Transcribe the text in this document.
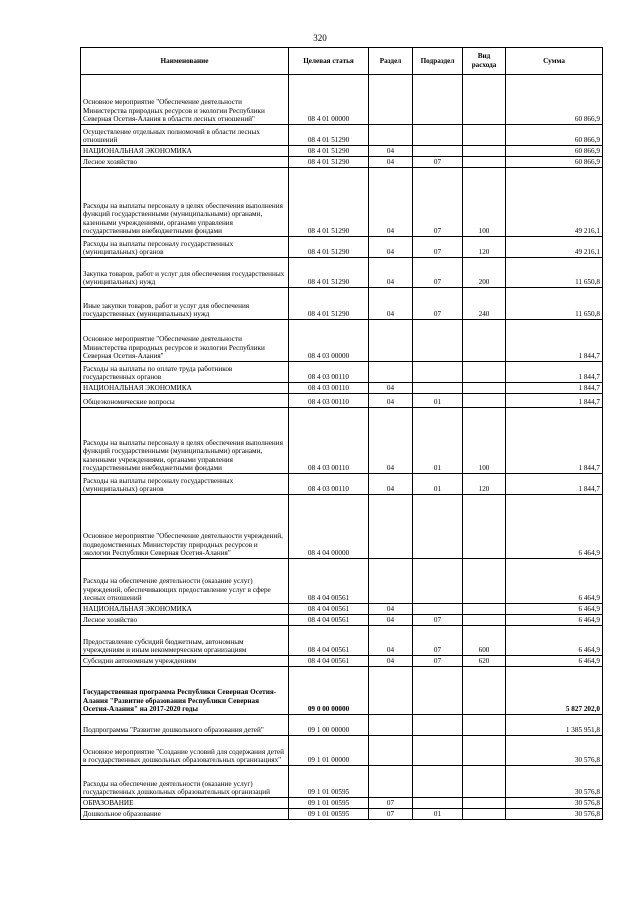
320
Наименование	Целевая статья	Раздел	Подраздел	Вид расхода	Сумма
Основное мероприятие "Обеспечение деятельности Министерства природных ресурсов и экологии Республики Северная Осетия-Алания в области лесных отношений"	08 4 01 00000				60 866,9
Осуществление отдельных полномочий в области лесных отношений	08 4 01 51290				60 866,9
НАЦИОНАЛЬНАЯ ЭКОНОМИКА	08 4 01 51290	04			60 866,9
Лесное хозяйство	08 4 01 51290	04	07		60 866,9
Расходы на выплаты персоналу в целях обеспечения выполнения функций государственными (муниципальными) органами, казенными учреждениями, органами управления государственными внебюджетными фондами	08 4 01 51290	04	07	100	49 216,1
Расходы на выплаты персоналу государственных (муниципальных) органов	08 4 01 51290	04	07	120	49 216,1
Закупка товаров, работ и услуг для обеспечения государственных (муниципальных) нужд	08 4 01 51290	04	07	200	11 650,8
Иные закупки товаров, работ и услуг для обеспечения государственных (муниципальных) нужд	08 4 01 51290	04	07	240	11 650,8
Основное мероприятие "Обеспечение деятельности Министерства природных ресурсов и экологии Республики Северная Осетия-Алания"	08 4 03 00000				1 844,7
Расходы на выплаты по оплате труда работников государственных органов	08 4 03 00110				1 844,7
НАЦИОНАЛЬНАЯ ЭКОНОМИКА	08 4 03 00110	04			1 844,7
Общеэкономические вопросы	08 4 03 00110	04	01		1 844,7
Расходы на выплаты персоналу в целях обеспечения выполнения функций государственными (муниципальными) органами, казенными учреждениями, органами управления государственными внебюджетными фондами	08 4 03 00110	04	01	100	1 844,7
Расходы на выплаты персоналу государственных (муниципальных) органов	08 4 03 00110	04	01	120	1 844,7
Основное мероприятие "Обеспечение деятельности учреждений, подведомственных Министерству природных ресурсов и экологии Республики Северная Осетия-Алания"	08 4 04 00000				6 464,9
Расходы на обеспечение деятельности (оказание услуг) учреждений, обеспечивающих предоставление услуг в сфере лесных отношений	08 4 04 00561				6 464,9
НАЦИОНАЛЬНАЯ ЭКОНОМИКА	08 4 04 00561	04			6 464,9
Лесное хозяйство	08 4 04 00561	04	07		6 464,9
Предоставление субсидий бюджетным, автономным учреждениям и иным некоммерческим организациям	08 4 04 00561	04	07	600	6 464,9
Субсидии автономным учреждениям	08 4 04 00561	04	07	620	6 464,9
Государственная программа Республики Северная Осетия-Алания "Развитие образования Республики Северная Осетия-Алания" на 2017-2020 годы	09 0 00 00000				5 827 202,0
Подпрограмма "Развитие дошкольного образования детей"	09 1 00 00000				1 385 951,8
Основное мероприятие "Создание условий для содержания детей в государственных дошкольных образовательных организациях"	09 1 01 00000				30 576,8
Расходы на обеспечение деятельности (оказание услуг) государственных дошкольных образовательных организаций	09 1 01 00595				30 576,8
ОБРАЗОВАНИЕ	09 1 01 00595	07			30 576,8
Дошкольное образование	09 1 01 00595	07	01		30 576,8
